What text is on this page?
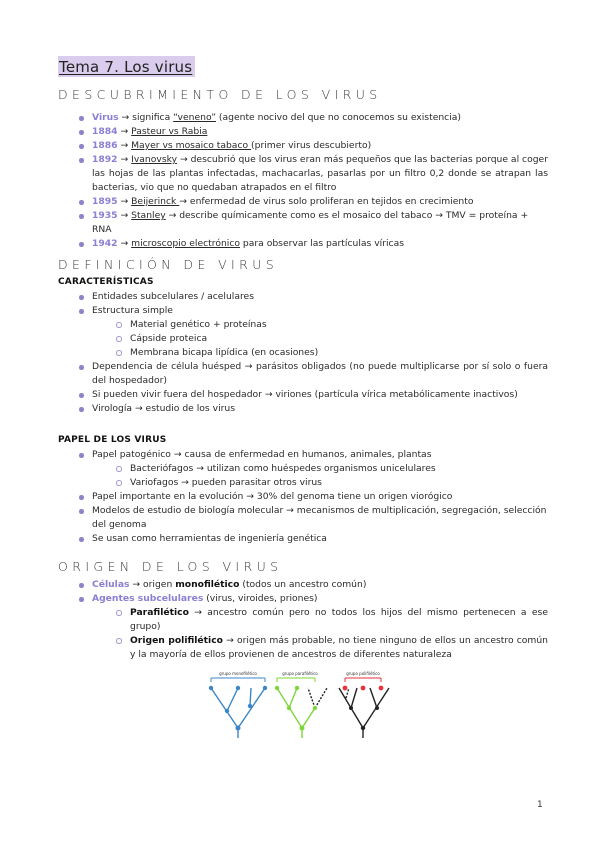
Tema 7. Los virus
DESCUBRIMIENTO DE LOS VIRUS
Virus → significa “veneno” (agente nocivo del que no conocemos su existencia)
1884 → Pasteur vs Rabia
1886 → Mayer vs mosaico tabaco (primer virus descubierto)
1892 → Ivanovsky → descubrió que los virus eran más pequeños que las bacterias porque al coger las hojas de las plantas infectadas, machacarlas, pasarlas por un filtro 0,2 donde se atrapan las bacterias, vio que no quedaban atrapados en el filtro
1895 → Beijerinck → enfermedad de virus solo proliferan en tejidos en crecimiento
1935 → Stanley → describe químicamente como es el mosaico del tabaco → TMV = proteína + RNA
1942 → microscopio electrónico para observar las partículas víricas
DEFINICIÓN DE VIRUS
CARACTERÍSTICAS
Entidades subcelulares / acelulares
Estructura simple
Material genético + proteínas
Cápside proteica
Membrana bicapa lipídica (en ocasiones)
Dependencia de célula huésped → parásitos obligados (no puede multiplicarse por sí solo o fuera del hospedador)
Si pueden vivir fuera del hospedador → viriones (partícula vírica metabólicamente inactivos)
Virología → estudio de los virus
PAPEL DE LOS VIRUS
Papel patogénico → causa de enfermedad en humanos, animales, plantas
Bacteriófagos → utilizan como huéspedes organismos unicelulares
Variofagos → pueden parasitar otros virus
Papel importante en la evolución → 30% del genoma tiene un origen viorógico
Modelos de estudio de biología molecular → mecanismos de multiplicación, segregación, selección del genoma
Se usan como herramientas de ingeniería genética
ORIGEN DE LOS VIRUS
Células → origen monofilético (todos un ancestro común)
Agentes subcelulares (virus, viroides, priones)
Parafilético → ancestro común pero no todos los hijos del mismo pertenecen a ese grupo)
Origen polifilético → origen más probable, no tiene ninguno de ellos un ancestro común y la mayoría de ellos provienen de ancestros de diferentes naturaleza
grupo monofilético	grupo parafilético	grupo polifilético
1
